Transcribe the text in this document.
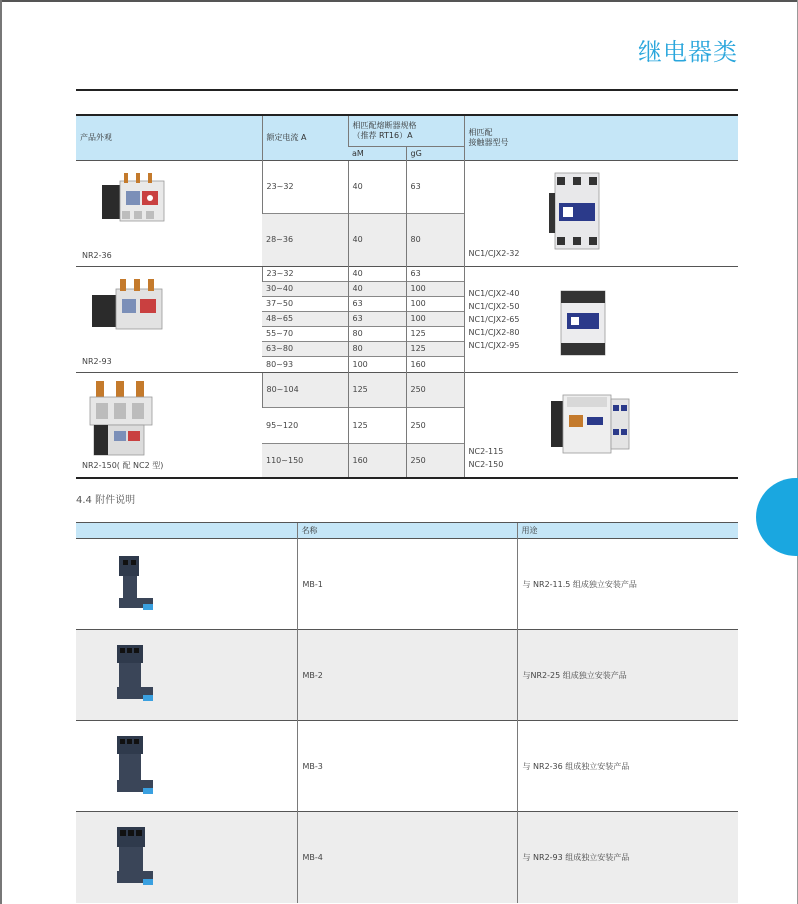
继电器类
产品外观	额定电流 A	相匹配熔断器规格
（推荐 RT16）A		相匹配
接触器型号
		aM	gG	

NR2-36	23~32	40	63	NC1/CJX2-32

	28~36	40	80	

NR2-93	23~32	40	63	NC1/CJX2-40
NC1/CJX2-50
NC1/CJX2-65
NC1/CJX2-80
NC1/CJX2-95

	30~40	40	100	
	37~50	63	100	
	48~65	63	100	
	55~70	80	125	
	63~80	80	125	
	80~93	100	160	

NR2-150( 配 NC2 型)	80~104	125	250	NC2-115
NC2-150

	95~120	125	250	
	110~150	160	250	
4.4 附件说明
	名称	用途

	MB-1	与 NR2-11.5 组成独立安装产品

	MB-2	与NR2-25 组成独立安装产品

	MB-3	与 NR2-36 组成独立安装产品

	MB-4	与 NR2-93 组成独立安装产品
